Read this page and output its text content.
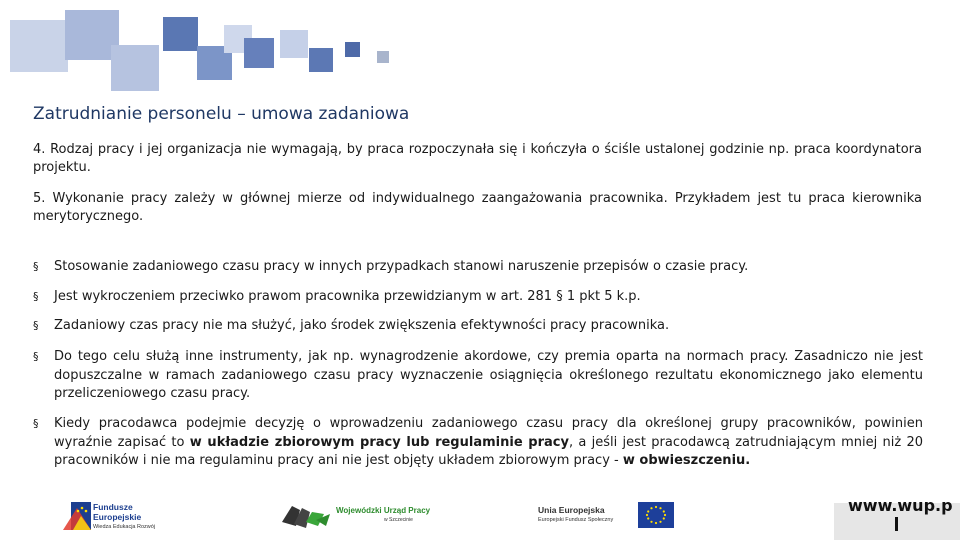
Zatrudnianie personelu – umowa zadaniowa

4. Rodzaj pracy i jej organizacja nie wymagają, by praca rozpoczynała się i kończyła o ściśle ustalonej godzinie np. praca koordynatora projektu.

5. Wykonanie pracy zależy w głównej mierze od indywidualnego zaangażowania pracownika. Przykładem jest tu praca kierownika merytorycznego.

§ Stosowanie zadaniowego czasu pracy w innych przypadkach stanowi naruszenie przepisów o czasie pracy.
§ Jest wykroczeniem przeciwko prawom pracownika przewidzianym w art. 281 § 1 pkt 5 k.p.
§ Zadaniowy czas pracy nie ma służyć, jako środek zwiększenia efektywności pracy pracownika.
§ Do tego celu służą inne instrumenty, jak np. wynagrodzenie akordowe, czy premia oparta na normach pracy. Zasadniczo nie jest dopuszczalne w ramach zadaniowego czasu pracy wyznaczenie osiągnięcia określonego rezultatu ekonomicznego jako elementu przeliczeniowego czasu pracy.
§ Kiedy pracodawca podejmie decyzję o wprowadzeniu zadaniowego czasu pracy dla określonej grupy pracowników, powinien wyraźnie zapisać to w układzie zbiorowym pracy lub regulaminie pracy, a jeśli jest pracodawcą zatrudniającym mniej niż 20 pracowników i nie ma regulaminu pracy ani nie jest objęty układem zbiorowym pracy - w obwieszczeniu.
Fundusze
Europejskie
Wiedza Edukacja Rozwój
Wojewódzki Urząd Pracy
w Szczecinie
Unia Europejska
Europejski Fundusz Społeczny
www.wup.p
